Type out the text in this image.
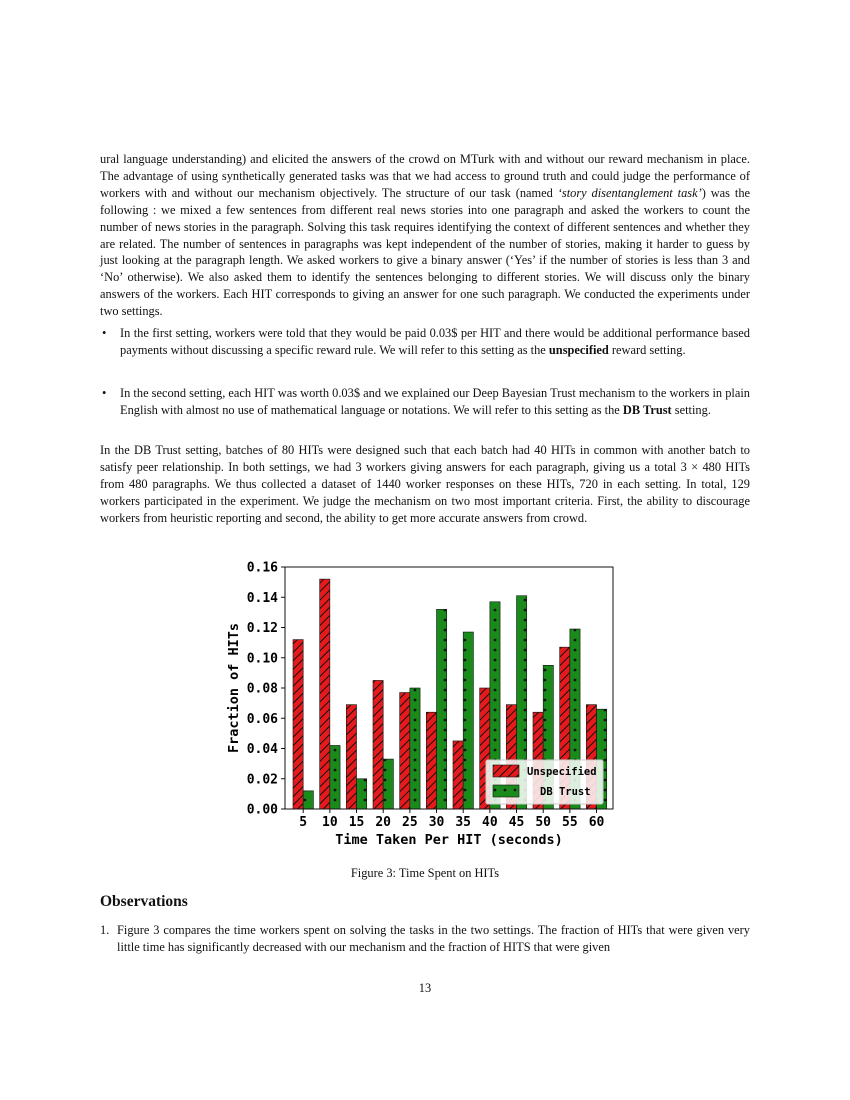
ural language understanding) and elicited the answers of the crowd on MTurk with and without our reward mechanism in place. The advantage of using synthetically generated tasks was that we had access to ground truth and could judge the performance of workers with and without our mechanism objectively. The structure of our task (named ‘story disentanglement task’) was the following : we mixed a few sentences from different real news stories into one paragraph and asked the workers to count the number of news stories in the paragraph. Solving this task requires identifying the context of different sentences and whether they are related. The number of sentences in paragraphs was kept independent of the number of stories, making it harder to guess by just looking at the paragraph length. We asked workers to give a binary answer (‘Yes’ if the number of stories is less than 3 and ‘No’ otherwise). We also asked them to identify the sentences belonging to different stories. We will discuss only the binary answers of the workers. Each HIT corresponds to giving an answer for one such paragraph. We conducted the experiments under two settings.

• In the first setting, workers were told that they would be paid 0.03$ per HIT and there would be additional performance based payments without discussing a specific reward rule. We will refer to this setting as the unspecified reward setting.
• In the second setting, each HIT was worth 0.03$ and we explained our Deep Bayesian Trust mechanism to the workers in plain English with almost no use of mathematical language or notations. We will refer to this setting as the DB Trust setting.

In the DB Trust setting, batches of 80 HITs were designed such that each batch had 40 HITs in common with another batch to satisfy peer relationship. In both settings, we had 3 workers giving answers for each paragraph, giving us a total 3 × 480 HITs from 480 paragraphs. We thus collected a dataset of 1440 worker responses on these HITs, 720 in each setting. In total, 129 workers participated in the experiment. We judge the mechanism on two most important criteria. First, the ability to discourage workers from heuristic reporting and second, the ability to get more accurate answers from crowd.

0.00
0.02
0.04
0.06
0.08
0.10
0.12
0.14
0.16
5 10 15 20 25 30 35 40 45 50 55 60
Fraction of HITs
Time Taken Per HIT (seconds)
Unspecified
DB Trust
Figure 3: Time Spent on HITs
Observations
1. Figure 3 compares the time workers spent on solving the tasks in the two settings. The fraction of HITs that were given very little time has significantly decreased with our mechanism and the fraction of HITS that were given

13
